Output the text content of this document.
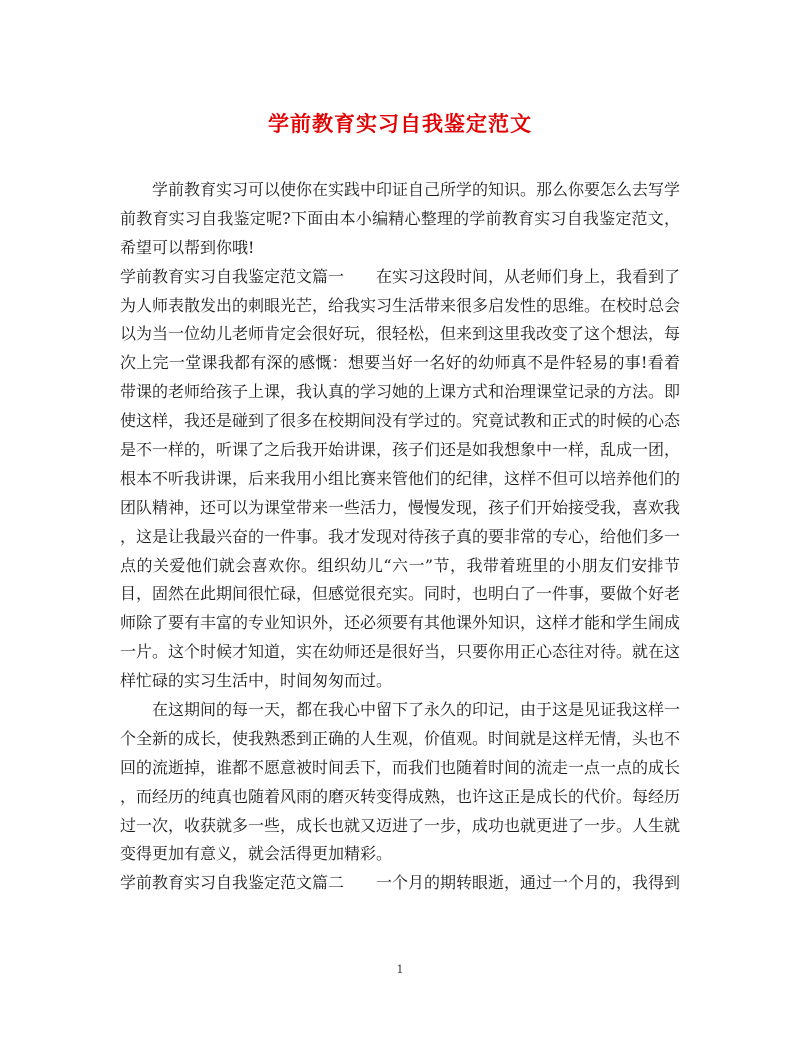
学前教育实习自我鉴定范文
　　学前教育实习可以使你在实践中印证自己所学的知识。那么你要怎么去写学
前教育实习自我鉴定呢?下面由本小编精心整理的学前教育实习自我鉴定范文，
希望可以帮到你哦!
学前教育实习自我鉴定范文篇一　　在实习这段时间，从老师们身上，我看到了
为人师表散发出的刺眼光芒，给我实习生活带来很多启发性的思维。在校时总会
以为当一位幼儿老师肯定会很好玩，很轻松，但来到这里我改变了这个想法，每
次上完一堂课我都有深的感慨：想要当好一名好的幼师真不是件轻易的事!看着
带课的老师给孩子上课，我认真的学习她的上课方式和治理课堂记录的方法。即
使这样，我还是碰到了很多在校期间没有学过的。究竟试教和正式的时候的心态
是不一样的，听课了之后我开始讲课，孩子们还是如我想象中一样，乱成一团，
根本不听我讲课，后来我用小组比赛来管他们的纪律，这样不但可以培养他们的
团队精神，还可以为课堂带来一些活力，慢慢发现，孩子们开始接受我，喜欢我
，这是让我最兴奋的一件事。我才发现对待孩子真的要非常的专心，给他们多一
点的关爱他们就会喜欢你。组织幼儿“六一”节，我带着班里的小朋友们安排节
目，固然在此期间很忙碌，但感觉很充实。同时，也明白了一件事，要做个好老
师除了要有丰富的专业知识外，还必须要有其他课外知识，这样才能和学生闹成
一片。这个时候才知道，实在幼师还是很好当，只要你用正心态往对待。就在这
样忙碌的实习生活中，时间匆匆而过。
　　在这期间的每一天，都在我心中留下了永久的印记，由于这是见证我这样一
个全新的成长，使我熟悉到正确的人生观，价值观。时间就是这样无情，头也不
回的流逝掉，谁都不愿意被时间丢下，而我们也随着时间的流走一点一点的成长
，而经历的纯真也随着风雨的磨灭转变得成熟，也许这正是成长的代价。每经历
过一次，收获就多一些，成长也就又迈进了一步，成功也就更进了一步。人生就
变得更加有意义，就会活得更加精彩。
学前教育实习自我鉴定范文篇二　　一个月的期转眼逝，通过一个月的，我得到
1
